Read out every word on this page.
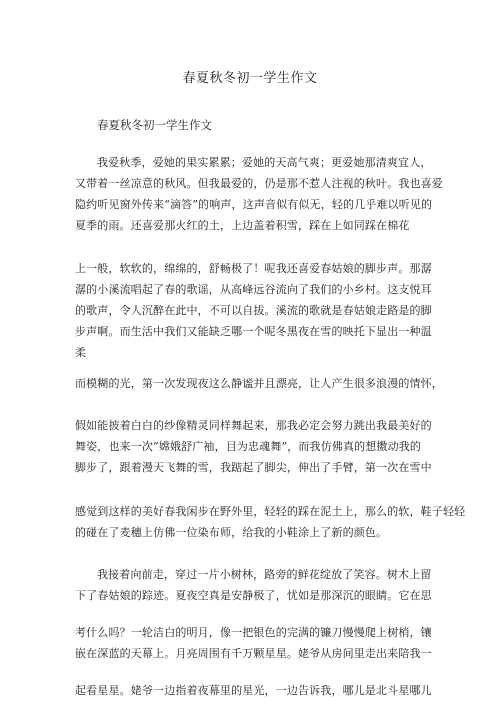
春夏秋冬初一学生作文
春夏秋冬初一学生作文
我爱秋季，爱她的果实累累；爱她的天高气爽；更爱她那清爽宜人，
又带着一丝凉意的秋风。但我最爱的，仍是那不惹人注视的秋叶。我也喜爱
隐约听见窗外传来“滴答”的响声，这声音似有似无，轻的几乎难以听见的
夏季的雨。还喜爱那火红的土，上边盖着积雪，踩在上如同踩在棉花
上一般，软软的，绵绵的，舒畅极了！呢我还喜爱春姑娘的脚步声。那潺
潺的小溪流唱起了春的歌谣，从高峰远谷流向了我们的小乡村。这支悦耳
的歌声，令人沉醉在此中，不可以自拔。溪流的歌就是春姑娘走路是的脚
步声啊。而生活中我们又能缺乏哪一个呢冬黑夜在雪的映托下显出一种温
柔
而模糊的光，第一次发现夜这么静谧并且漂亮，让人产生很多浪漫的情怀，
假如能披着白白的纱像精灵同样舞起来，那我必定会努力跳出我最美好的
舞姿，也来一次“嫦娥舒广袖，目为忠魂舞”，而我仿佛真的想擞动我的
脚步了，跟着漫天飞舞的雪，我踮起了脚尖，伸出了手臂，第一次在雪中
感觉到这样的美好春我闲步在野外里，轻轻的踩在泥土上，那么的软，鞋子轻轻
的碰在了麦穗上仿佛一位染布师，给我的小鞋涂上了新的颜色。
我接着向前走，穿过一片小树林，路旁的鲜花绽放了笑容。树木上留
下了春姑娘的踪迹。夏夜空真是安静极了，忧如是那深沉的眼睛。它在思
考什么吗？一轮洁白的明月，像一把银色的完满的镰刀慢慢爬上树梢，镶
嵌在深蓝的天幕上。月亮周围有千万颗星星。姥爷从房间里走出来陪我一
起看星星。姥爷一边指着夜幕里的星光，一边告诉我，哪儿是北斗星哪儿
